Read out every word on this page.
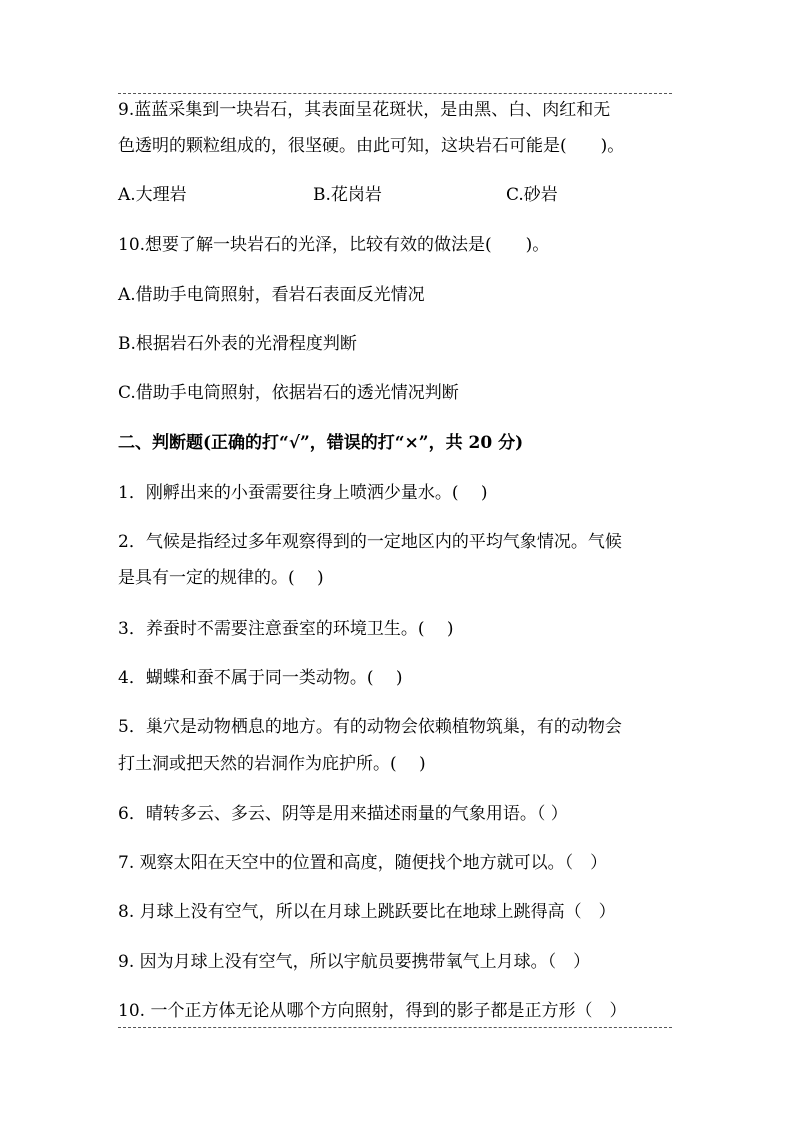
9.蓝蓝采集到一块岩石，其表面呈花斑状，是由黑、白、肉红和无
色透明的颗粒组成的，很坚硬。由此可知，这块岩石可能是(　　)。
A.大理岩	B.花岗岩	C.砂岩
10.想要了解一块岩石的光泽，比较有效的做法是(　　)。
A.借助手电筒照射，看岩石表面反光情况
B.根据岩石外表的光滑程度判断
C.借助手电筒照射，依据岩石的透光情况判断
二、判断题(正确的打“√”，错误的打“×”，共 20 分)
1．刚孵出来的小蚕需要往身上喷洒少量水。(　 )
2．气候是指经过多年观察得到的一定地区内的平均气象情况。气候
是具有一定的规律的。(　 )
3．养蚕时不需要注意蚕室的环境卫生。(　 )
4．蝴蝶和蚕不属于同一类动物。(　 )
5．巢穴是动物栖息的地方。有的动物会依赖植物筑巢，有的动物会
打土洞或把天然的岩洞作为庇护所。(　 )
6．晴转多云、多云、阴等是用来描述雨量的气象用语。（ ）
7. 观察太阳在天空中的位置和高度，随便找个地方就可以。（　）
8. 月球上没有空气，所以在月球上跳跃要比在地球上跳得高（　）
9. 因为月球上没有空气，所以宇航员要携带氧气上月球。（　）
10. 一个正方体无论从哪个方向照射，得到的影子都是正方形（　）
